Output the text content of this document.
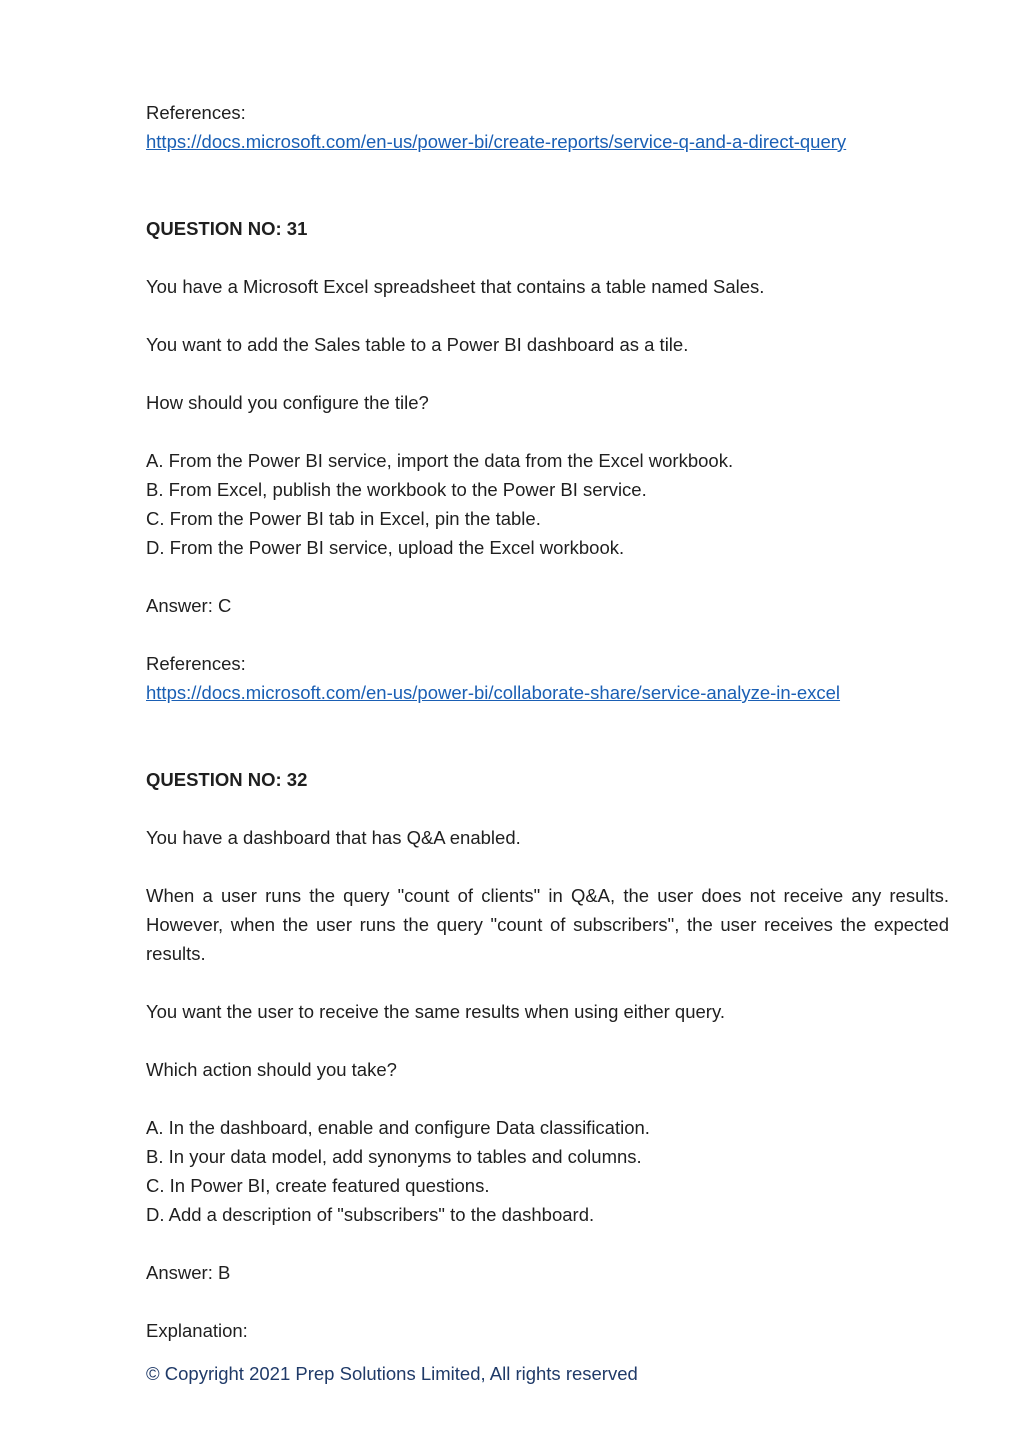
References:

https://docs.microsoft.com/en-us/power-bi/create-reports/service-q-and-a-direct-query

QUESTION NO: 31

You have a Microsoft Excel spreadsheet that contains a table named Sales.

You want to add the Sales table to a Power BI dashboard as a tile.

How should you configure the tile?

A. From the Power BI service, import the data from the Excel workbook.

B. From Excel, publish the workbook to the Power BI service.

C. From the Power BI tab in Excel, pin the table.

D. From the Power BI service, upload the Excel workbook.

Answer: C

References:

https://docs.microsoft.com/en-us/power-bi/collaborate-share/service-analyze-in-excel

QUESTION NO: 32

You have a dashboard that has Q&A enabled.

When a user runs the query "count of clients" in Q&A, the user does not receive any results. However, when the user runs the query "count of subscribers", the user receives the expected results.

You want the user to receive the same results when using either query.

Which action should you take?

A. In the dashboard, enable and configure Data classification.

B. In your data model, add synonyms to tables and columns.

C. In Power BI, create featured questions.

D. Add a description of "subscribers" to the dashboard.

Answer: B

Explanation:

© Copyright 2021 Prep Solutions Limited, All rights reserved
